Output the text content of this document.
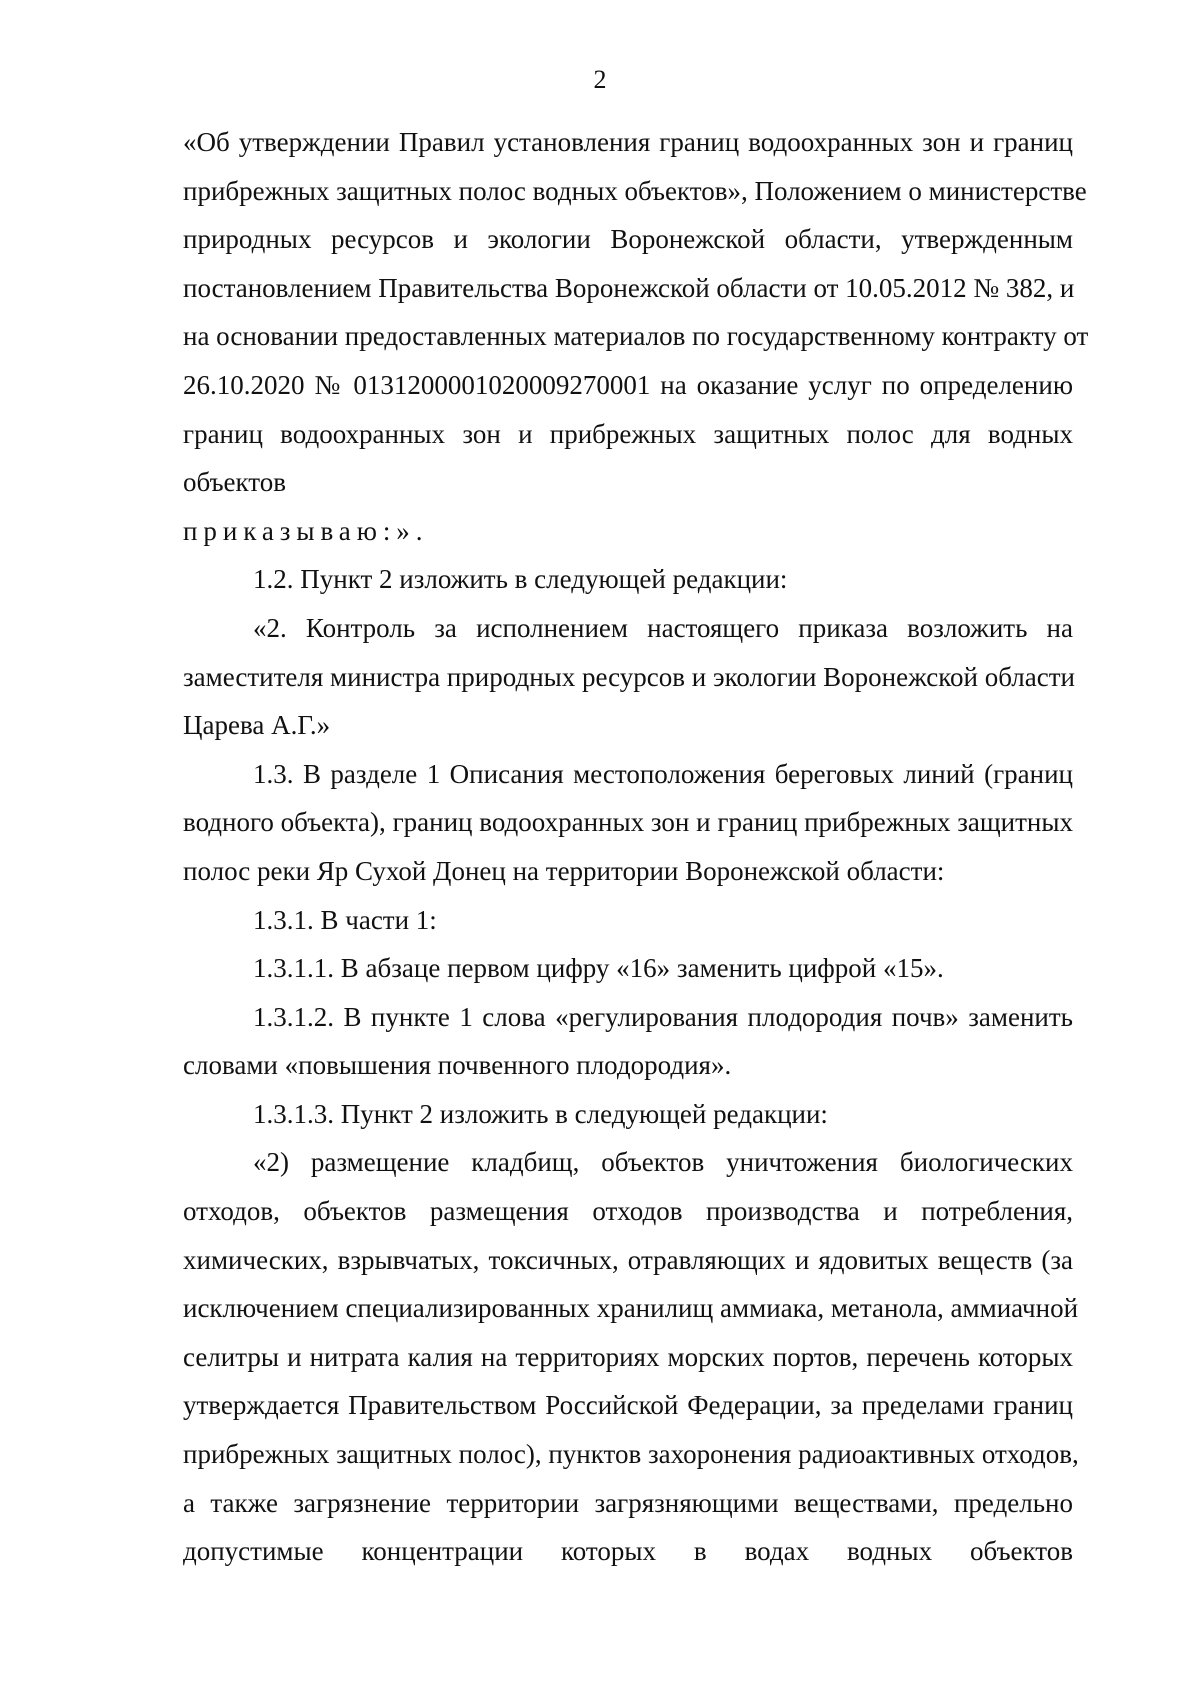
2
«Об утверждении Правил установления границ водоохранных зон и границ
прибрежных защитных полос водных объектов», Положением о министерстве
природных ресурсов и экологии Воронежской области, утвержденным
постановлением Правительства Воронежской области от 10.05.2012 № 382, и
на основании предоставленных материалов по государственному контракту от
26.10.2020 № 0131200001020009270001 на оказание услуг по определению
границ водоохранных зон и прибрежных защитных полос для водных
объектов
приказываю:».
1.2. Пункт 2 изложить в следующей редакции:
«2. Контроль за исполнением настоящего приказа возложить на
заместителя министра природных ресурсов и экологии Воронежской области
Царева А.Г.»
1.3. В разделе 1 Описания местоположения береговых линий (границ
водного объекта), границ водоохранных зон и границ прибрежных защитных
полос реки Яр Сухой Донец на территории Воронежской области:
1.3.1. В части 1:
1.3.1.1. В абзаце первом цифру «16» заменить цифрой «15».
1.3.1.2. В пункте 1 слова «регулирования плодородия почв» заменить
словами «повышения почвенного плодородия».
1.3.1.3. Пункт 2 изложить в следующей редакции:
«2) размещение кладбищ, объектов уничтожения биологических
отходов, объектов размещения отходов производства и потребления,
химических, взрывчатых, токсичных, отравляющих и ядовитых веществ (за
исключением специализированных хранилищ аммиака, метанола, аммиачной
селитры и нитрата калия на территориях морских портов, перечень которых
утверждается Правительством Российской Федерации, за пределами границ
прибрежных защитных полос), пунктов захоронения радиоактивных отходов,
а также загрязнение территории загрязняющими веществами, предельно
допустимые концентрации которых в водах водных объектов
